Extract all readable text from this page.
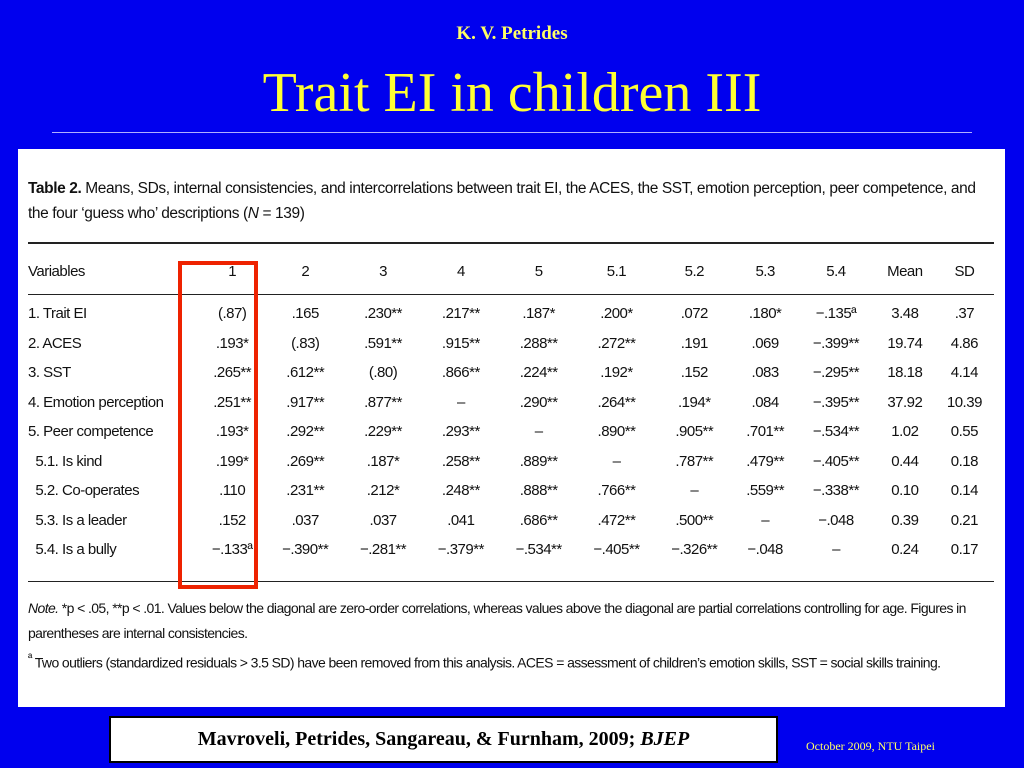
K. V. Petrides
Trait EI in children III
Table 2. Means, SDs, internal consistencies, and intercorrelations between trait EI, the ACES, the SST, emotion perception, peer competence, and the four ‘guess who’ descriptions (N = 139)
Variables	1	2	3	4	5	5.1	5.2	5.3	5.4	Mean	SD

1. Trait EI	(.87)	.165	.230**	.217**	.187*	.200*	.072	.180*	−.135ª	3.48	.37
2. ACES	.193*	(.83)	.591**	.915**	.288**	.272**	.191	.069	−.399**	19.74	4.86
3. SST	.265**	.612**	(.80)	.866**	.224**	.192*	.152	.083	−.295**	18.18	4.14
4. Emotion perception	.251**	.917**	.877**	–	.290**	.264**	.194*	.084	−.395**	37.92	10.39
5. Peer competence	.193*	.292**	.229**	.293**	–	.890**	.905**	.701**	−.534**	1.02	0.55
5.1. Is kind	.199*	.269**	.187*	.258**	.889**	–	.787**	.479**	−.405**	0.44	0.18
5.2. Co-operates	.110	.231**	.212*	.248**	.888**	.766**	–	.559**	−.338**	0.10	0.14
5.3. Is a leader	.152	.037	.037	.041	.686**	.472**	.500**	–	−.048	0.39	0.21
5.4. Is a bully	−.133ª	−.390**	−.281**	−.379**	−.534**	−.405**	−.326**	−.048	–	0.24	0.17
Note. *p < .05, **p < .01. Values below the diagonal are zero-order correlations, whereas values above the diagonal are partial correlations controlling for age. Figures in parentheses are internal consistencies.
$^ª$ Two outliers (standardized residuals > 3.5 SD) have been removed from this analysis. ACES = assessment of children’s emotion skills, SST = social skills training.
Mavroveli, Petrides, Sangareau, & Furnham, 2009; BJEP	October 2009, NTU Taipei
